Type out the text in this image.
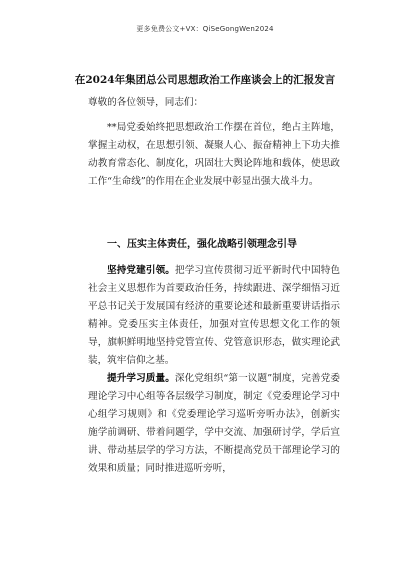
更多免费公文+VX：QiSeGongWen2024
在2024年集团总公司思想政治工作座谈会上的汇报发言
尊敬的各位领导，同志们：
**局党委始终把思想政治工作摆在首位，绝占主阵地，掌握主动权，在思想引领、凝聚人心、振奋精神上下功夫推动教育常态化、制度化，巩固壮大舆论阵地和载体，使思政工作“生命线”的作用在企业发展中彰显出强大战斗力。
一、压实主体责任，强化战略引领理念引导
坚持党建引领。把学习宣传贯彻习近平新时代中国特色社会主义思想作为首要政治任务，持续跟进、深学细悟习近平总书记关于发展国有经济的重要论述和最新重要讲话指示精神。党委压实主体责任，加强对宣传思想文化工作的领导，旗帜鲜明地坚持党管宣传、党管意识形态，做实理论武装，筑牢信仰之基。
提升学习质量。深化党组织“第一议题”制度，完善党委理论学习中心组等各层级学习制度，制定《党委理论学习中心组学习规则》和《党委理论学习巡听旁听办法》，创新实施学前调研、带着问题学，学中交流、加强研讨学，学后宣讲、带动基层学的学习方法，不断提高党员干部理论学习的效果和质量；同时推进巡听旁听，
